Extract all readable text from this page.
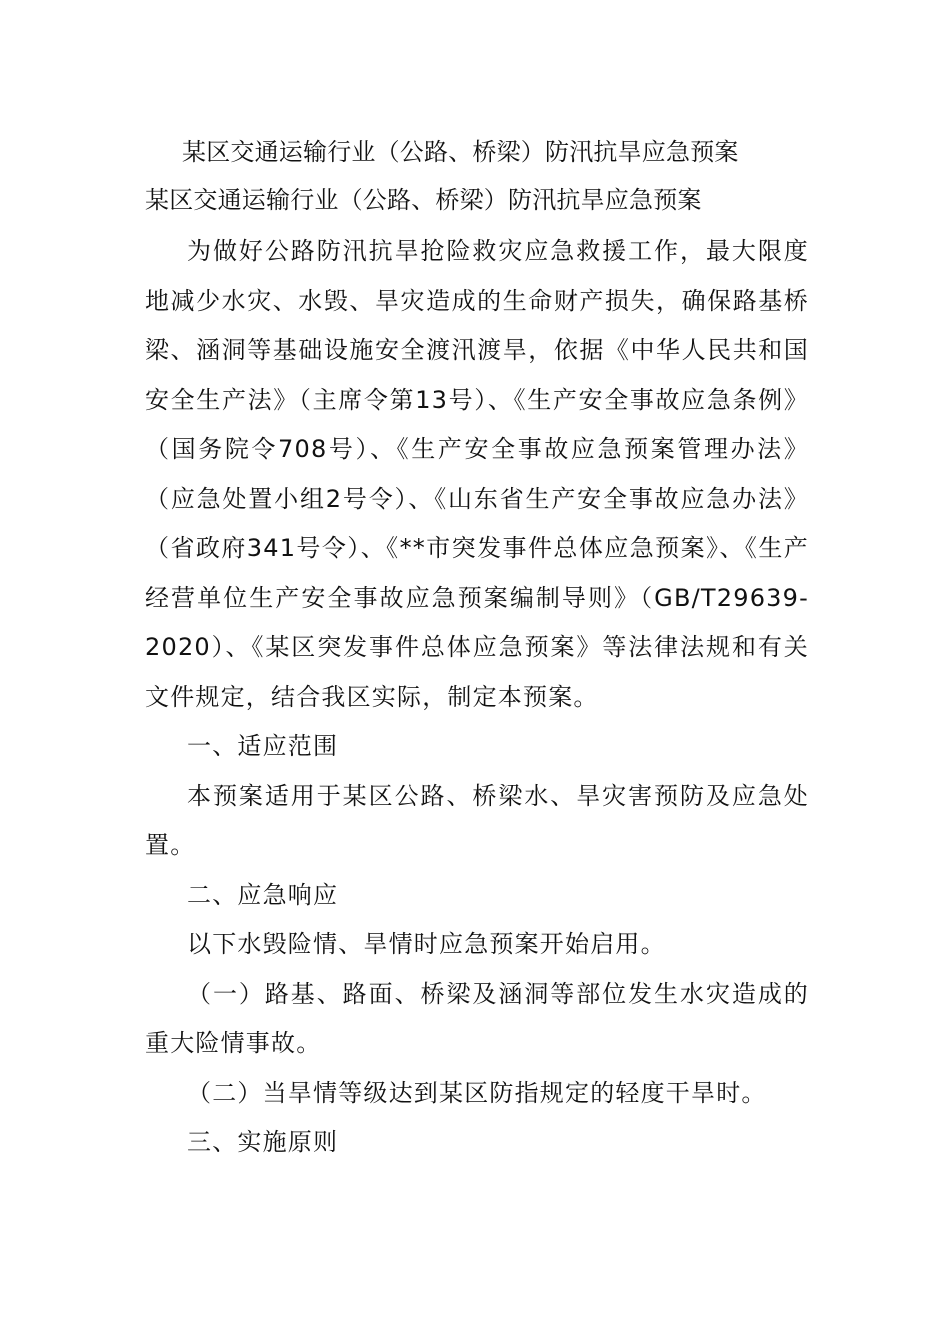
某区交通运输行业（公路、桥梁）防汛抗旱应急预案
某区交通运输行业（公路、桥梁）防汛抗旱应急预案

为做好公路防汛抗旱抢险救灾应急救援工作，最大限度地减少水灾、水毁、旱灾造成的生命财产损失，确保路基桥梁、涵洞等基础设施安全渡汛渡旱，依据《中华人民共和国安全生产法》（主席令第13号）、《生产安全事故应急条例》（国务院令708号）、《生产安全事故应急预案管理办法》（应急处置小组2号令）、《山东省生产安全事故应急办法》（省政府341号令）、《**市突发事件总体应急预案》、《生产经营单位生产安全事故应急预案编制导则》（GB/T29639-2020）、《某区突发事件总体应急预案》等法律法规和有关文件规定，结合我区实际，制定本预案。

一、适应范围

本预案适用于某区公路、桥梁水、旱灾害预防及应急处置。

二、应急响应

以下水毁险情、旱情时应急预案开始启用。

（一）路基、路面、桥梁及涵洞等部位发生水灾造成的重大险情事故。

（二）当旱情等级达到某区防指规定的轻度干旱时。

三、实施原则
